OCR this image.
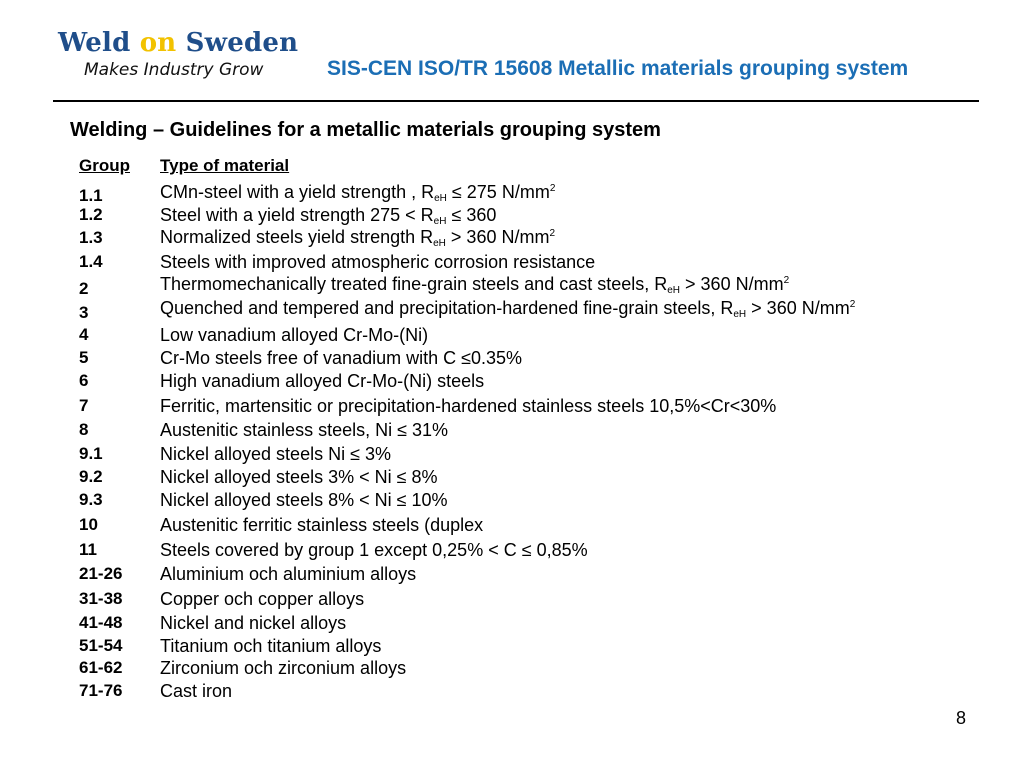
Weld on Sweden
Makes Industry Grow	SIS-CEN ISO/TR 15608 Metallic materials grouping system
Welding – Guidelines for a metallic materials grouping system
Group Type of material
1.1	CMn-steel with a yield strength , $R_{eH} \le 275$ $N/mm^2$
1.2	Steel with a yield strength $275 < R_{eH} \le 360$
1.3	Normalized steels yield strength $R_{eH} > 360$ $N/mm^2$
1.4	Steels with improved atmospheric corrosion resistance
2	Thermomechanically treated fine-grain steels and cast steels, $R_{eH} > 360$ $N/mm^2$
3	Quenched and tempered and precipitation-hardened fine-grain steels, $R_{eH} > 360$ $N/mm^2$
4	Low vanadium alloyed Cr-Mo-(Ni)
5	Cr-Mo steels free of vanadium with C ≤0.35%
6	High vanadium alloyed Cr-Mo-(Ni) steels
7	Ferritic, martensitic or precipitation-hardened stainless steels 10,5%<Cr<30%
8	Austenitic stainless steels, Ni ≤ 31%
9.1	Nickel alloyed steels Ni ≤ 3%
9.2	Nickel alloyed steels 3% < Ni ≤ 8%
9.3	Nickel alloyed steels 8% < Ni ≤ 10%
10	Austenitic ferritic stainless steels (duplex
11	Steels covered by group 1 except 0,25% < C ≤ 0,85%
21-26 Aluminium och aluminium alloys
31-38 Copper och copper alloys
41-48 Nickel and nickel alloys
51-54 Titanium och titanium alloys
61-62 Zirconium och zirconium alloys
71-76 Cast iron
8
